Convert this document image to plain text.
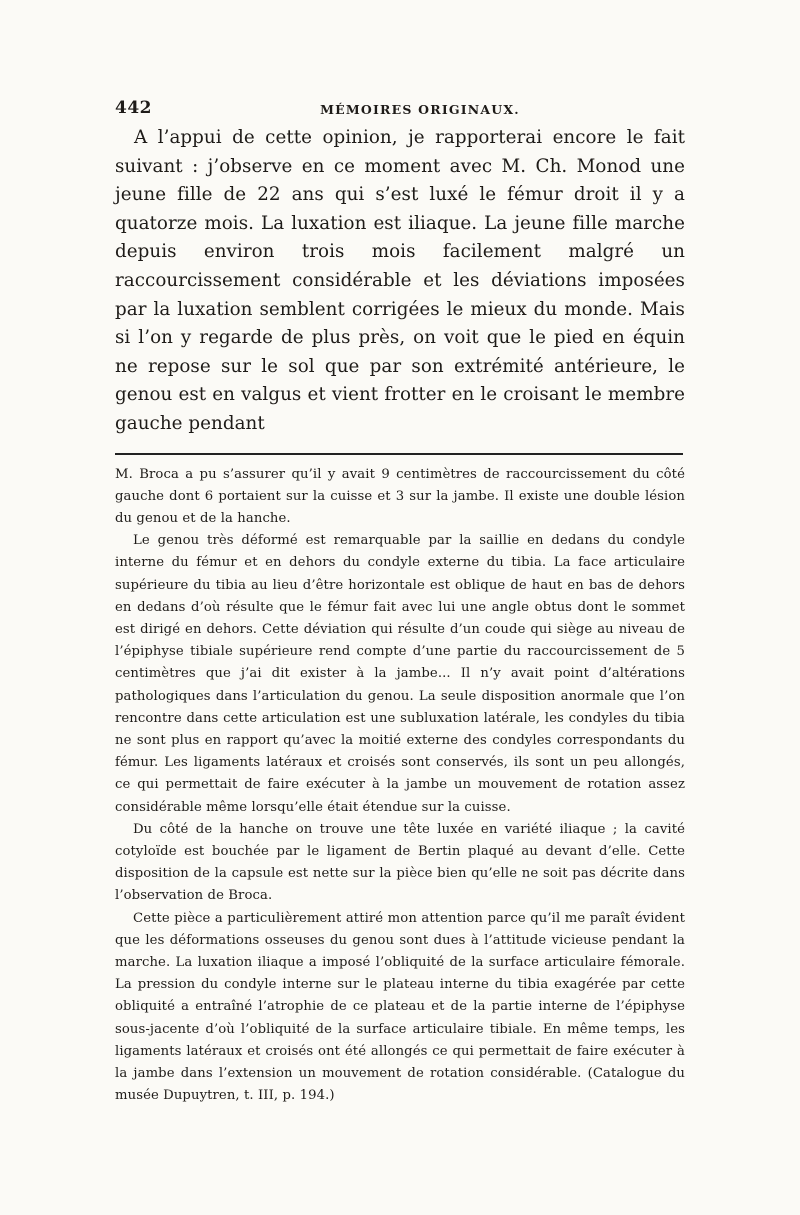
442	MÉMOIRES ORIGINAUX.

A l’appui de cette opinion, je rapporterai encore le fait suivant : j’observe en ce moment avec M. Ch. Monod une jeune fille de 22 ans qui s’est luxé le fémur droit il y a quatorze mois. La luxation est iliaque. La jeune fille marche depuis environ trois mois facilement malgré un raccourcissement considérable et les déviations imposées par la luxation semblent corrigées le mieux du monde. Mais si l’on y regarde de plus près, on voit que le pied en équin ne repose sur le sol que par son extrémité antérieure, le genou est en valgus et vient frotter en le croisant le membre gauche pendant

M. Broca a pu s’assurer qu’il y avait 9 centimètres de raccourcissement du côté gauche dont 6 portaient sur la cuisse et 3 sur la jambe. Il existe une double lésion du genou et de la hanche.

Le genou très déformé est remarquable par la saillie en dedans du condyle interne du fémur et en dehors du condyle externe du tibia. La face articulaire supérieure du tibia au lieu d’être horizontale est oblique de haut en bas de dehors en dedans d’où résulte que le fémur fait avec lui une angle obtus dont le sommet est dirigé en dehors. Cette déviation qui résulte d’un coude qui siège au niveau de l’épiphyse tibiale supérieure rend compte d’une partie du raccourcissement de 5 centimètres que j’ai dit exister à la jambe... Il n’y avait point d’altérations pathologiques dans l’articulation du genou. La seule disposition anormale que l’on rencontre dans cette articulation est une subluxation latérale, les condyles du tibia ne sont plus en rapport qu’avec la moitié externe des condyles correspondants du fémur. Les ligaments latéraux et croisés sont conservés, ils sont un peu allongés, ce qui permettait de faire exécuter à la jambe un mouvement de rotation assez considérable même lorsqu’elle était étendue sur la cuisse.

Du côté de la hanche on trouve une tête luxée en variété iliaque ; la cavité cotyloïde est bouchée par le ligament de Bertin plaqué au devant d’elle. Cette disposition de la capsule est nette sur la pièce bien qu’elle ne soit pas décrite dans l’observation de Broca.

Cette pièce a particulièrement attiré mon attention parce qu’il me paraît évident que les déformations osseuses du genou sont dues à l’attitude vicieuse pendant la marche. La luxation iliaque a imposé l’obliquité de la surface articulaire fémorale. La pression du condyle interne sur le plateau interne du tibia exagérée par cette obliquité a entraîné l’atrophie de ce plateau et de la partie interne de l’épiphyse sous-jacente d’où l’obliquité de la surface articulaire tibiale. En même temps, les ligaments latéraux et croisés ont été allongés ce qui permettait de faire exécuter à la jambe dans l’extension un mouvement de rotation considérable. (Catalogue du musée Dupuytren, t. III, p. 194.)
